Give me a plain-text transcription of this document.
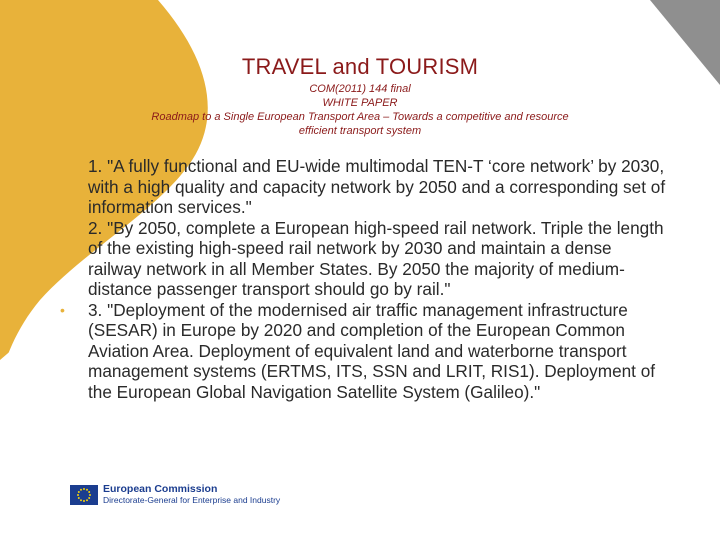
TRAVEL and TOURISM
COM(2011) 144 final
WHITE PAPER
Roadmap to a Single European Transport Area – Towards a competitive and resource
efficient transport system
• 1. "A fully functional and EU-wide multimodal TEN-T ‘core network’ by 2030, with a high quality and capacity network by 2050 and a corresponding set of information services."
• 2. "By 2050, complete a European high-speed rail network. Triple the length of the existing high-speed rail network by 2030 and maintain a dense railway network in all Member States. By 2050 the majority of medium-distance passenger transport should go by rail."
• 3. "Deployment of the modernised air traffic management infrastructure (SESAR) in Europe by 2020 and completion of the European Common Aviation Area. Deployment of equivalent land and waterborne transport management systems (ERTMS, ITS, SSN and LRIT, RIS1). Deployment of the European Global Navigation Satellite System (Galileo)."
European Commission
Directorate-General for Enterprise and Industry
